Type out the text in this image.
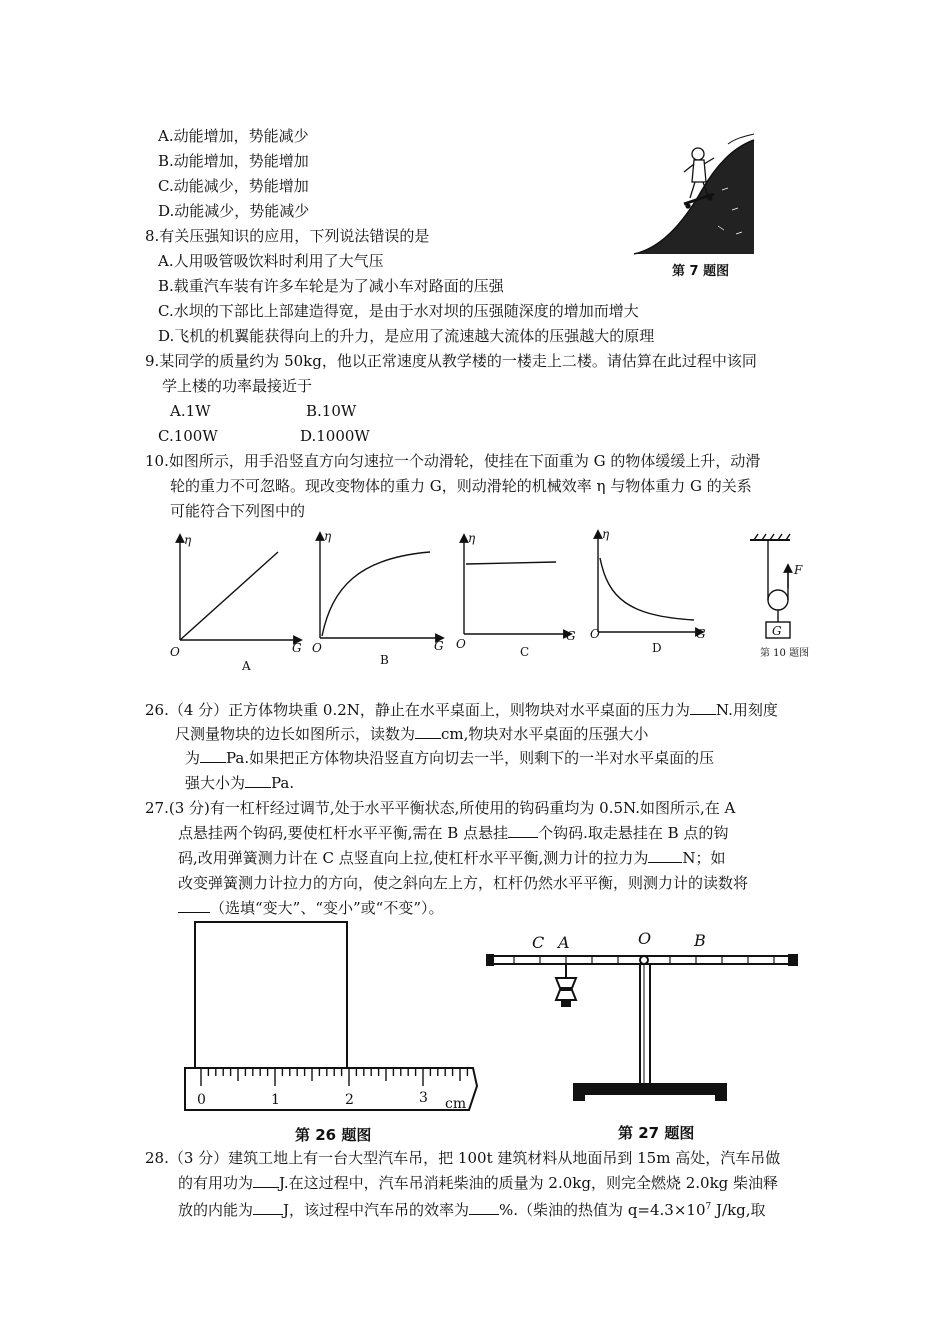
A.动能增加，势能减少
B.动能增加，势能增加
C.动能减少，势能增加
D.动能减少，势能减少
第 7 题图
8.有关压强知识的应用，下列说法错误的是
A.人用吸管吸饮料时利用了大气压
B.载重汽车装有许多车轮是为了减小车对路面的压强
C.水坝的下部比上部建造得宽，是由于水对坝的压强随深度的增加而增大
D.飞机的机翼能获得向上的升力，是应用了流速越大流体的压强越大的原理
9.某同学的质量约为 50kg，他以正常速度从教学楼的一楼走上二楼。请估算在此过程中该同
学上楼的功率最接近于
A.1W	B.10W
C.100W	D.1000W
10.如图所示，用手沿竖直方向匀速拉一个动滑轮，使挂在下面重为 G 的物体缓缓上升，动滑
轮的重力不可忽略。现改变物体的重力 G，则动滑轮的机械效率 η 与物体重力 G 的关系
可能符合下列图中的
η
O	G
η
O	G
η
O
G
η
O	G
F
G
A	B
C	D	第 10 题图
26.（4 分）正方体物块重 0.2N，静止在水平桌面上，则物块对水平桌面的压力为 N.用刻度
尺测量物块的边长如图所示，读数为 cm,物块对水平桌面的压强大小
为 Pa.如果把正方体物块沿竖直方向切去一半，则剩下的一半对水平桌面的压
强大小为 Pa.
27.(3 分)有一杠杆经过调节,处于水平平衡状态,所使用的钩码重均为 0.5N.如图所示,在 A
点悬挂两个钩码,要使杠杆水平平衡,需在 B 点悬挂 个钩码.取走悬挂在 B 点的钩
码,改用弹簧测力计在 C 点竖直向上拉,使杠杆水平平衡,测力计的拉力为 N；如
改变弹簧测力计拉力的方向，使之斜向左上方，杠杆仍然水平平衡，则测力计的读数将
（选填“变大”、“变小”或“不变”）。
0	1	2	3 cm
第 26 题图
C A	O	B
第 27 题图
28.（3 分）建筑工地上有一台大型汽车吊，把 100t 建筑材料从地面吊到 15m 高处，汽车吊做
的有用功为 J.在这过程中，汽车吊消耗柴油的质量为 2.0kg，则完全燃烧 2.0kg 柴油释
放的内能为 J，该过程中汽车吊的效率为 %.（柴油的热值为 $q=4.3\times 10^7$ J/kg,取
